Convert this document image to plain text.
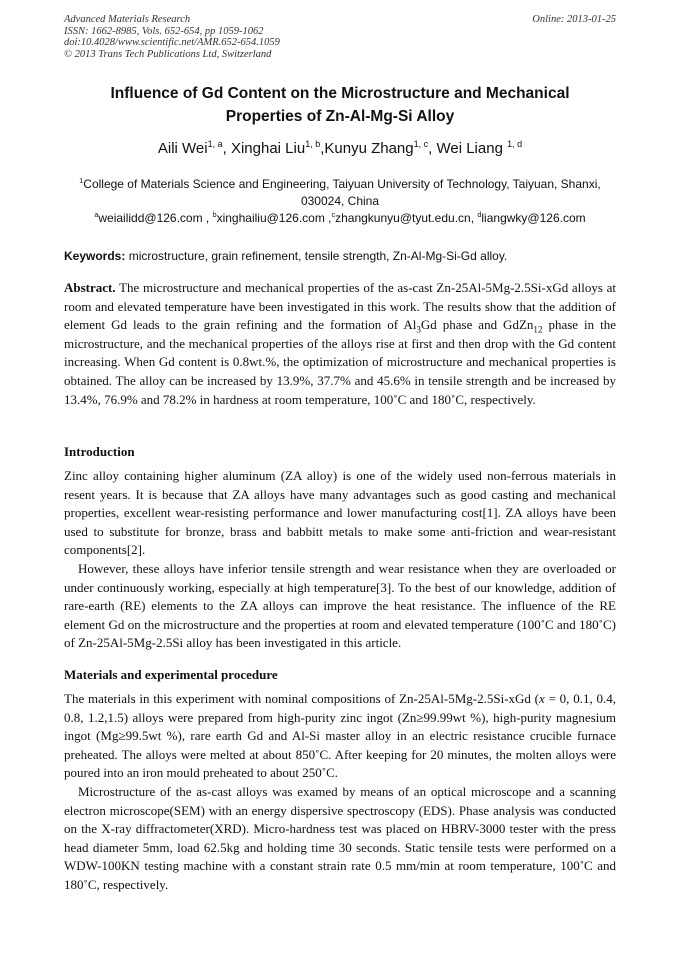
Advanced Materials Research
ISSN: 1662-8985, Vols. 652-654, pp 1059-1062
doi:10.4028/www.scientific.net/AMR.652-654.1059
© 2013 Trans Tech Publications Ltd, Switzerland
Online: 2013-01-25
Influence of Gd Content on the Microstructure and Mechanical
Properties of Zn-Al-Mg-Si Alloy
Aili Wei$^{1, a}$, Xinghai Liu$^{1, b}$,Kunyu Zhang$^{1, c}$, Wei Liang $^{1, d}$
$^1$College of Materials Science and Engineering, Taiyuan University of Technology, Taiyuan, Shanxi,
030024, China
$^a$weiailidd@126.com , $^b$xinghailiu@126.com ,$^c$zhangkunyu@tyut.edu.cn, $^d$liangwky@126.com
Keywords: microstructure, grain refinement, tensile strength, Zn-Al-Mg-Si-Gd alloy.

Abstract. The microstructure and mechanical properties of the as-cast Zn-25Al-5Mg-2.5Si-xGd alloys at room and elevated temperature have been investigated in this work. The results show that the addition of element Gd leads to the grain refining and the formation of $Al_3Gd$ phase and GdZn$_{12}$ phase in the microstructure, and the mechanical properties of the alloys rise at first and then drop with the Gd content increasing. When Gd content is 0.8wt.%, the optimization of microstructure and mechanical properties is obtained. The alloy can be increased by 13.9%, 37.7% and 45.6% in tensile strength and be increased by 13.4%, 76.9% and 78.2% in hardness at room temperature, 100˚C and 180˚C, respectively.

Introduction

Zinc alloy containing higher aluminum (ZA alloy) is one of the widely used non-ferrous materials in resent years. It is because that ZA alloys have many advantages such as good casting and mechanical properties, excellent wear-resisting performance and lower manufacturing cost[1]. ZA alloys have been used to substitute for bronze, brass and babbitt metals to make some anti-friction and wear-resistant components[2].

However, these alloys have inferior tensile strength and wear resistance when they are overloaded or under continuously working, especially at high temperature[3]. To the best of our knowledge, addition of rare-earth (RE) elements to the ZA alloys can improve the heat resistance. The influence of the RE element Gd on the microstructure and the properties at room and elevated temperature (100˚C and 180˚C) of Zn-25Al-5Mg-2.5Si alloy has been investigated in this article.

Materials and experimental procedure

The materials in this experiment with nominal compositions of Zn-25Al-5Mg-2.5Si-xGd (x = 0, 0.1, 0.4, 0.8, 1.2,1.5) alloys were prepared from high-purity zinc ingot (Zn≥99.99wt %), high-purity magnesium ingot (Mg≥99.5wt %), rare earth Gd and Al-Si master alloy in an electric resistance crucible furnace preheated. The alloys were melted at about 850˚C. After keeping for 20 minutes, the molten alloys were poured into an iron mould preheated to about 250˚C.

Microstructure of the as-cast alloys was examed by means of an optical microscope and a scanning electron microscope(SEM) with an energy dispersive spectroscopy (EDS). Phase analysis was conducted on the X-ray diffractometer(XRD). Micro-hardness test was placed on HBRV-3000 tester with the press head diameter 5mm, load 62.5kg and holding time 30 seconds. Static tensile tests were performed on a WDW-100KN testing machine with a constant strain rate 0.5 mm/min at room temperature, 100˚C and 180˚C, respectively.
